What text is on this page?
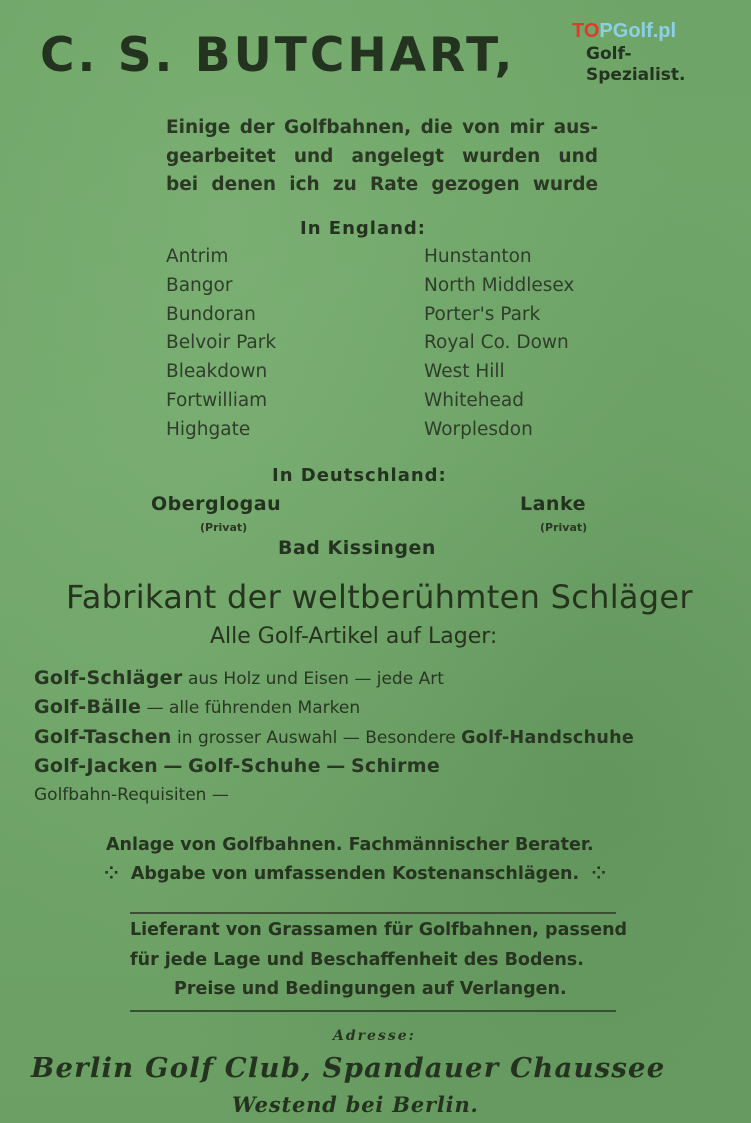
TOPGolf.pl
C. S. BUTCHART,	Golf-
Spezialist.
Einige der Golfbahnen, die von mir aus-
gearbeitet und angelegt wurden und
bei denen ich zu Rate gezogen wurde
In England:
Antrim
Bangor
Bundoran
Belvoir Park
Bleakdown
Fortwilliam
Highgate
Hunstanton
North Middlesex
Porter's Park
Royal Co. Down
West Hill
Whitehead
Worplesdon
In Deutschland:
Oberglogau
(Privat)
Lanke
(Privat)
Bad Kissingen
Fabrikant der weltberühmten Schläger
Alle Golf-Artikel auf Lager:
Golf-Schläger aus Holz und Eisen — jede Art
Golf-Bälle — alle führenden Marken
Golf-Taschen in grosser Auswahl — Besondere Golf-Handschuhe
Golf-Jacken — Golf-Schuhe — Schirme
Golfbahn-Requisiten —
Anlage von Golfbahnen. Fachmännischer Berater.
⁘ Abgabe von umfassenden Kostenanschlägen. ⁘
Lieferant von Grassamen für Golfbahnen, passend
für jede Lage und Beschaffenheit des Bodens.
Preise und Bedingungen auf Verlangen.
Adresse:
Berlin Golf Club, Spandauer Chaussee
Westend bei Berlin.
